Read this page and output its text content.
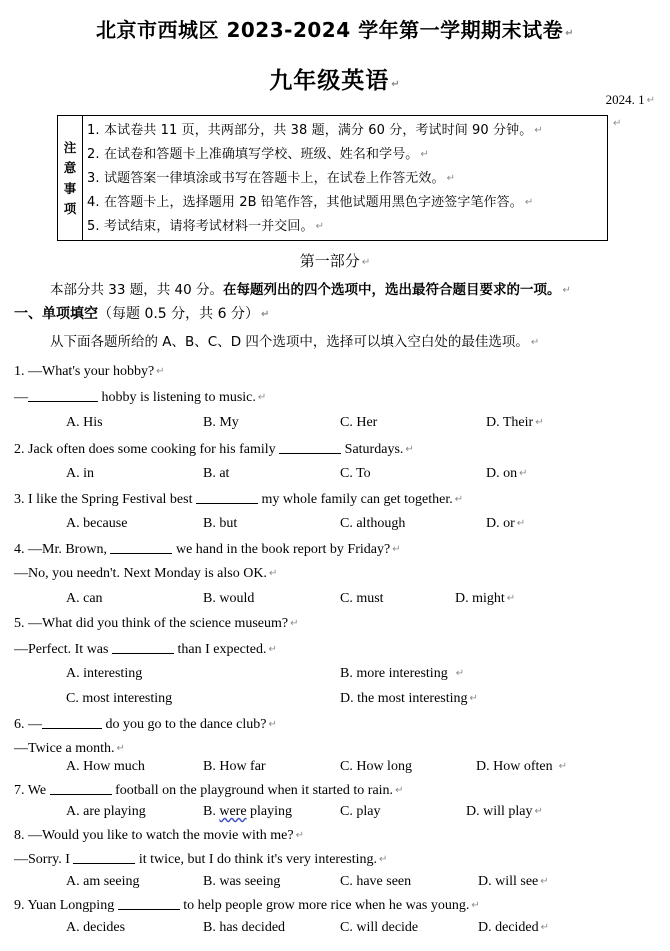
北京市西城区 2023-2024 学年第一学期期末试卷 ↵
九年级英语 ↵
2024. 1 ↵
注
意
事
项
1. 本试卷共 11 页，共两部分，共 38 题，满分 60 分，考试时间 90 分钟。 ↵
2. 在试卷和答题卡上准确填写学校、班级、姓名和学号。 ↵
3. 试题答案一律填涂或书写在答题卡上，在试卷上作答无效。 ↵
4. 在答题卡上，选择题用 2B 铅笔作答，其他试题用黑色字迹签字笔作答。 ↵
5. 考试结束，请将考试材料一并交回。 ↵
↵
第一部分 ↵
本部分共 33 题，共 40 分。在每题列出的四个选项中，选出最符合题目要求的一项。 ↵
一、单项填空（每题 0.5 分，共 6 分） ↵
从下面各题所给的 A、B、C、D 四个选项中，选择可以填入空白处的最佳选项。 ↵
1. —What's your hobby? ↵
—	hobby is listening to music. ↵
A. His	B. My	C. Her	D. Their ↵
2. Jack often does some cooking for his family	Saturdays. ↵
A. in	B. at	C. To	D. on ↵
3. I like the Spring Festival best	my whole family can get together. ↵
A. because	B. but	C. although	D. or ↵
4. —Mr. Brown,	we hand in the book report by Friday? ↵
—No, you needn't. Next Monday is also OK. ↵
A. can	B. would	C. must	D. might ↵
5. —What did you think of the science museum? ↵
—Perfect. It was	than I expected. ↵
A. interesting	B. more interesting ↵
C. most interesting	D. the most interesting ↵
6. —	do you go to the dance club? ↵
—Twice a month. ↵
A. How much	B. How far	C. How long	D. How often ↵
7. We	football on the playground when it started to rain. ↵
A. are playing	B. were playing	C. play	D. will play ↵
8. —Would you like to watch the movie with me? ↵
—Sorry. I	it twice, but I do think it's very interesting. ↵
A. am seeing	B. was seeing	C. have seen	D. will see ↵
9. Yuan Longping	to help people grow more rice when he was young. ↵
A. decides	B. has decided	C. will decide	D. decided ↵
